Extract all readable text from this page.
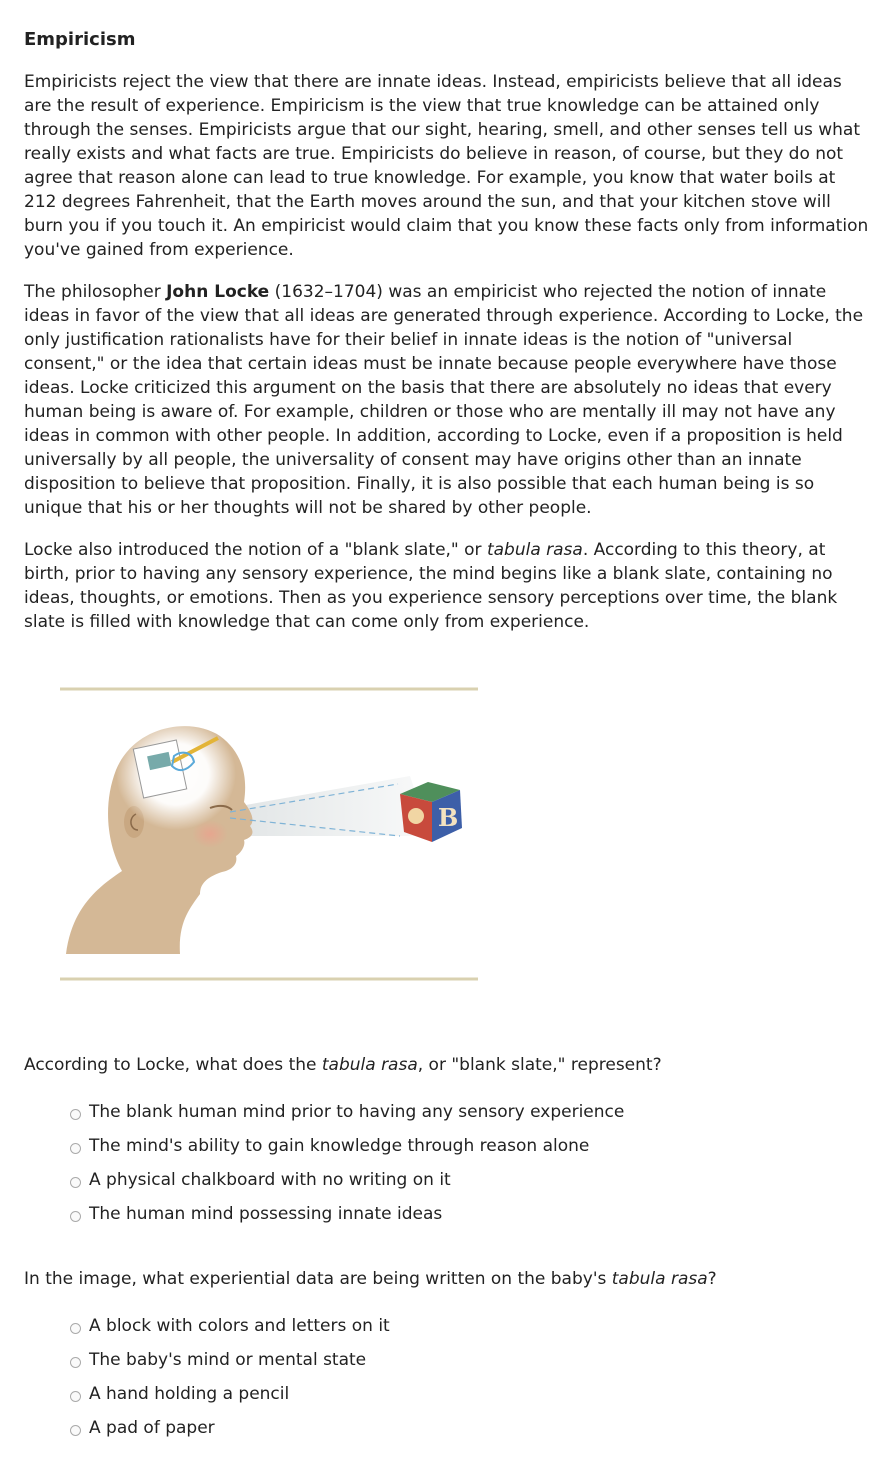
Empiricism

Empiricists reject the view that there are innate ideas. Instead, empiricists believe that all ideas
are the result of experience. Empiricism is the view that true knowledge can be attained only
through the senses. Empiricists argue that our sight, hearing, smell, and other senses tell us what
really exists and what facts are true. Empiricists do believe in reason, of course, but they do not
agree that reason alone can lead to true knowledge. For example, you know that water boils at
212 degrees Fahrenheit, that the Earth moves around the sun, and that your kitchen stove will
burn you if you touch it. An empiricist would claim that you know these facts only from information
you've gained from experience.

The philosopher John Locke (1632–1704) was an empiricist who rejected the notion of innate
ideas in favor of the view that all ideas are generated through experience. According to Locke, the
only justification rationalists have for their belief in innate ideas is the notion of "universal
consent," or the idea that certain ideas must be innate because people everywhere have those
ideas. Locke criticized this argument on the basis that there are absolutely no ideas that every
human being is aware of. For example, children or those who are mentally ill may not have any
ideas in common with other people. In addition, according to Locke, even if a proposition is held
universally by all people, the universality of consent may have origins other than an innate
disposition to believe that proposition. Finally, it is also possible that each human being is so
unique that his or her thoughts will not be shared by other people.

Locke also introduced the notion of a "blank slate," or tabula rasa. According to this theory, at
birth, prior to having any sensory experience, the mind begins like a blank slate, containing no
ideas, thoughts, or emotions. Then as you experience sensory perceptions over time, the blank
slate is filled with knowledge that can come only from experience.

B

According to Locke, what does the tabula rasa, or "blank slate," represent?

The blank human mind prior to having any sensory experience
The mind's ability to gain knowledge through reason alone
A physical chalkboard with no writing on it
The human mind possessing innate ideas

In the image, what experiential data are being written on the baby's tabula rasa?

A block with colors and letters on it
The baby's mind or mental state
A hand holding a pencil
A pad of paper
